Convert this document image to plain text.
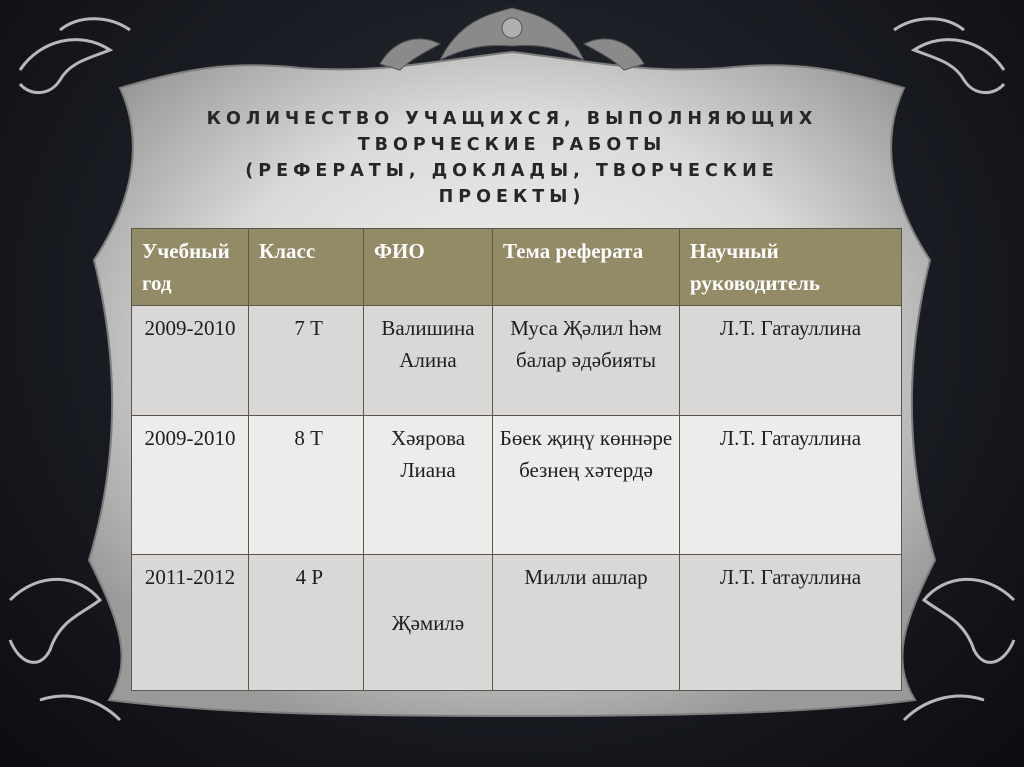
КОЛИЧЕСТВО УЧАЩИХСЯ, ВЫПОЛНЯЮЩИХ
ТВОРЧЕСКИЕ РАБОТЫ
(РЕФЕРАТЫ, ДОКЛАДЫ, ТВОРЧЕСКИЕ
ПРОЕКТЫ)
Учебный год	Класс	ФИО	Тема реферата	Научный руководитель
2009-2010	7 Т	Валишина Алина	Муса Җәлил һәм балар әдәбияты	Л.Т. Гатауллина
2009-2010	8 Т	Хәярова Лиана	Бөек җиңү көннәре безнең хәтердә	Л.Т. Гатауллина
2011-2012	4 Р	Җәмилә	Милли ашлар	Л.Т. Гатауллина
